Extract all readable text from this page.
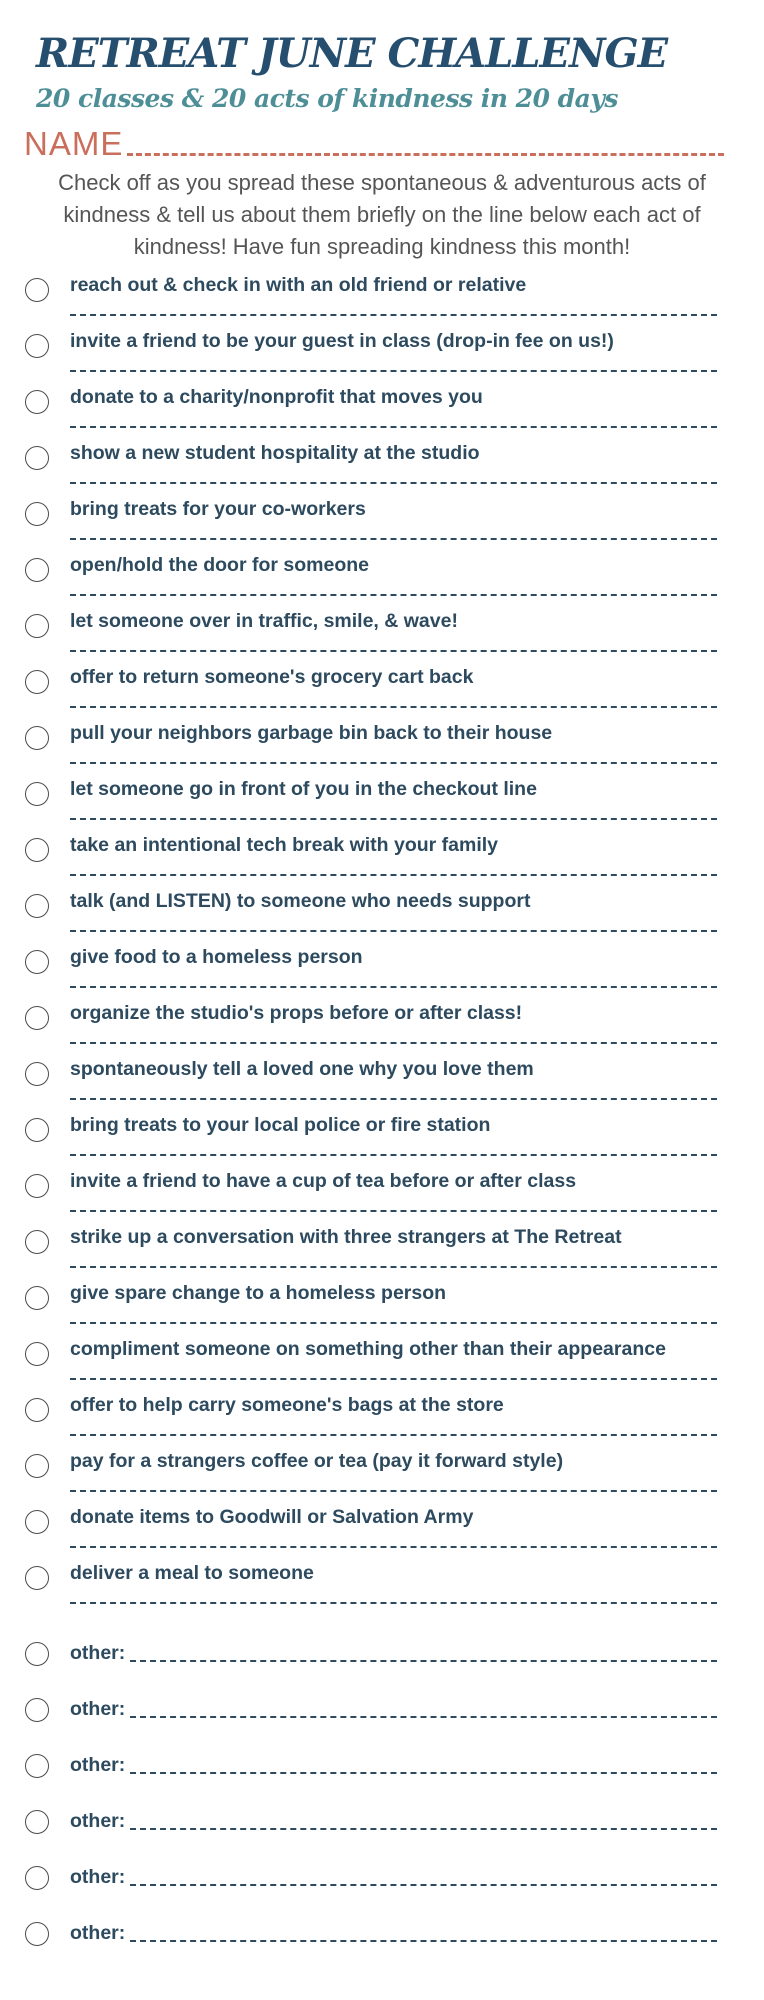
RETREAT JUNE CHALLENGE
20 classes & 20 acts of kindness in 20 days
NAME

Check off as you spread these spontaneous & adventurous acts of kindness & tell us about them briefly on the line below each act of kindness! Have fun spreading kindness this month!

reach out & check in with an old friend or relative
invite a friend to be your guest in class (drop-in fee on us!)
donate to a charity/nonprofit that moves you
show a new student hospitality at the studio
bring treats for your co-workers
open/hold the door for someone
let someone over in traffic, smile, & wave!
offer to return someone's grocery cart back
pull your neighbors garbage bin back to their house
let someone go in front of you in the checkout line
take an intentional tech break with your family
talk (and LISTEN) to someone who needs support
give food to a homeless person
organize the studio's props before or after class!
spontaneously tell a loved one why you love them
bring treats to your local police or fire station
invite a friend to have a cup of tea before or after class
strike up a conversation with three strangers at The Retreat
give spare change to a homeless person
compliment someone on something other than their appearance
offer to help carry someone's bags at the store
pay for a strangers coffee or tea (pay it forward style)
donate items to Goodwill or Salvation Army
deliver a meal to someone
other:
other:
other:
other:
other:
other:
